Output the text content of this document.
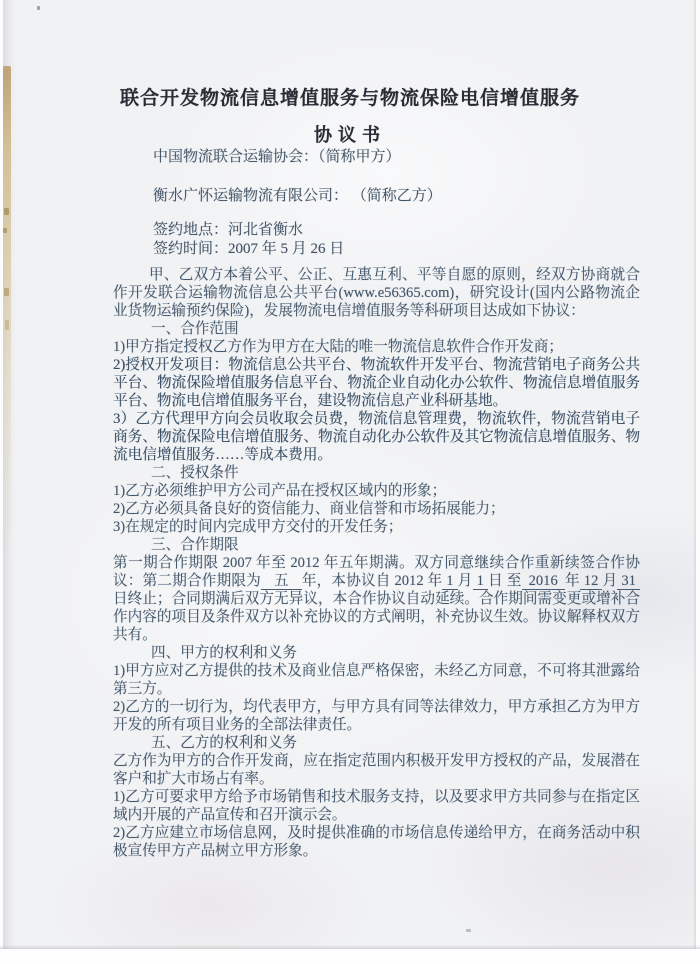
联合开发物流信息增值服务与物流保险电信增值服务
协议书
中国物流联合运输协会：（简称甲方）
衡水广怀运输物流有限公司： （简称乙方）
签约地点：河北省衡水
签约时间：2007 年 5 月 26 日

甲、乙双方本着公平、公正、互惠互利、平等自愿的原则，经双方协商就合作开发联合运输物流信息公共平台(www.e56365.com)，研究设计(国内公路物流企业货物运输预约保险)，发展物流电信增值服务等科研项目达成如下协议：

一、合作范围

1)甲方指定授权乙方作为甲方在大陆的唯一物流信息软件合作开发商；

2)授权开发项目：物流信息公共平台、物流软件开发平台、物流营销电子商务公共平台、物流保险增值服务信息平台、物流企业自动化办公软件、物流信息增值服务平台、物流电信增值服务平台，建设物流信息产业科研基地。

3）乙方代理甲方向会员收取会员费，物流信息管理费，物流软件，物流营销电子商务、物流保险电信增值服务、物流自动化办公软件及其它物流信息增值服务、物流电信增值服务……等成本费用。

二、授权条件

1)乙方必须维护甲方公司产品在授权区域内的形象；

2)乙方必须具备良好的资信能力、商业信誉和市场拓展能力；

3)在规定的时间内完成甲方交付的开发任务；

三、合作期限

第一期合作期限 2007 年至 2012 年五年期满。双方同意继续合作重新续签合作协议：第二期合作期限为 五 年，本协议自 2012 年 1 月 1 日 至 2016 年 12 月 31日终止；合同期满后双方无异议，本合作协议自动延续。合作期间需变更或增补合作内容的项目及条件双方以补充协议的方式阐明，补充协议生效。协议解释权双方共有。

四、甲方的权利和义务

1)甲方应对乙方提供的技术及商业信息严格保密，未经乙方同意，不可将其泄露给第三方。

2)乙方的一切行为，均代表甲方，与甲方具有同等法律效力，甲方承担乙方为甲方开发的所有项目业务的全部法律责任。

五、乙方的权利和义务

乙方作为甲方的合作开发商，应在指定范围内积极开发甲方授权的产品，发展潜在客户和扩大市场占有率。

1)乙方可要求甲方给予市场销售和技术服务支持，以及要求甲方共同参与在指定区域内开展的产品宣传和召开演示会。

2)乙方应建立市场信息网，及时提供准确的市场信息传递给甲方，在商务活动中积极宣传甲方产品树立甲方形象。
